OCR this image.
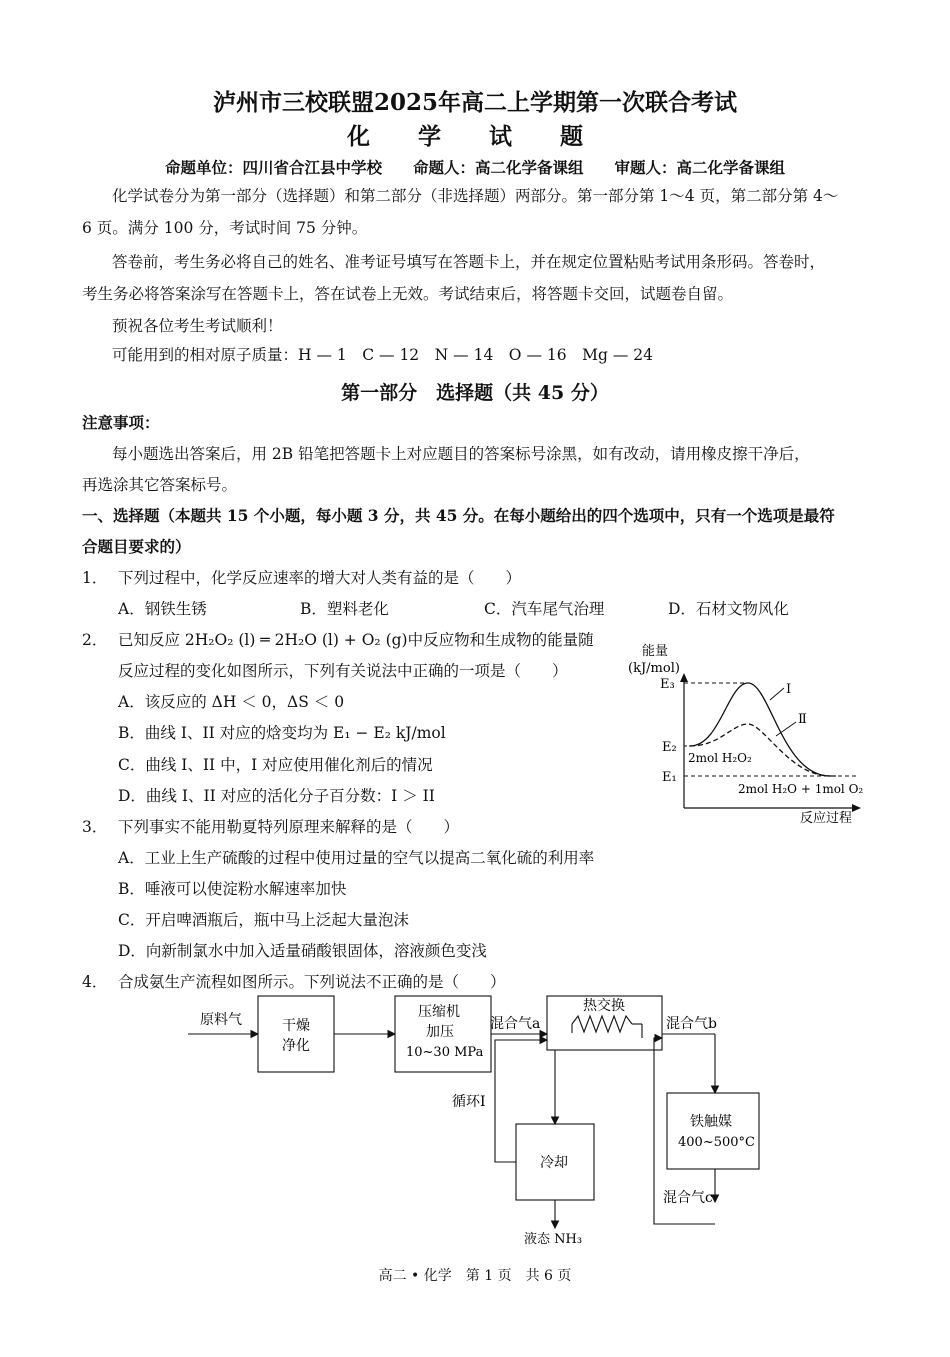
泸州市三校联盟2025年高二上学期第一次联合考试
化 学 试 题
命题单位：四川省合江县中学校　　命题人：高二化学备课组　　审题人：高二化学备课组
化学试卷分为第一部分（选择题）和第二部分（非选择题）两部分。第一部分第 1～4 页，第二部分第 4～
6 页。满分 100 分，考试时间 75 分钟。
答卷前，考生务必将自己的姓名、准考证号填写在答题卡上，并在规定位置粘贴考试用条形码。答卷时，
考生务必将答案涂写在答题卡上，答在试卷上无效。考试结束后，将答题卡交回，试题卷自留。
预祝各位考生考试顺利！
可能用到的相对原子质量：H — 1　C — 12　N — 14　O — 16　Mg — 24
第一部分　选择题（共 45 分）
注意事项：
每小题选出答案后，用 2B 铅笔把答题卡上对应题目的答案标号涂黑，如有改动，请用橡皮擦干净后，
再选涂其它答案标号。
一、选择题（本题共 15 个小题，每小题 3 分，共 45 分。在每小题给出的四个选项中，只有一个选项是最符
合题目要求的）
1． 下列过程中，化学反应速率的增大对人类有益的是（　　）
A．钢铁生锈	B．塑料老化	C．汽车尾气治理	D．石材文物风化
2． 已知反应 2H₂O₂ (l) ═ 2H₂O (l) + O₂ (g)中反应物和生成物的能量随
反应过程的变化如图所示，下列有关说法中正确的一项是（　　）
A．该反应的 ΔH ＜ 0，ΔS ＜ 0
B．曲线 I、II 对应的焓变均为 E₁ − E₂ kJ/mol
C．曲线 I、II 中，I 对应使用催化剂后的情况
D．曲线 I、II 对应的活化分子百分数：I ＞ II
能量
(kJ/mol)
反应过程
E₃
E₂
E₁
I
Ⅱ
2mol H₂O₂
2mol H₂O + 1mol O₂
3． 下列事实不能用勒夏特列原理来解释的是（　　）
A．工业上生产硫酸的过程中使用过量的空气以提高二氧化硫的利用率
B．唾液可以使淀粉水解速率加快
C．开启啤酒瓶后，瓶中马上泛起大量泡沫
D．向新制氯水中加入适量硝酸银固体，溶液颜色变浅
4． 合成氨生产流程如图所示。下列说法不正确的是（　　）
原料气	干燥
净化
压缩机
加压
10~30 MPa
混合气a
热交换
混合气b
铁触媒
400~500°C
混合气c
冷却
循环I
液态 NH₃
高二 • 化学　第 1 页　共 6 页
